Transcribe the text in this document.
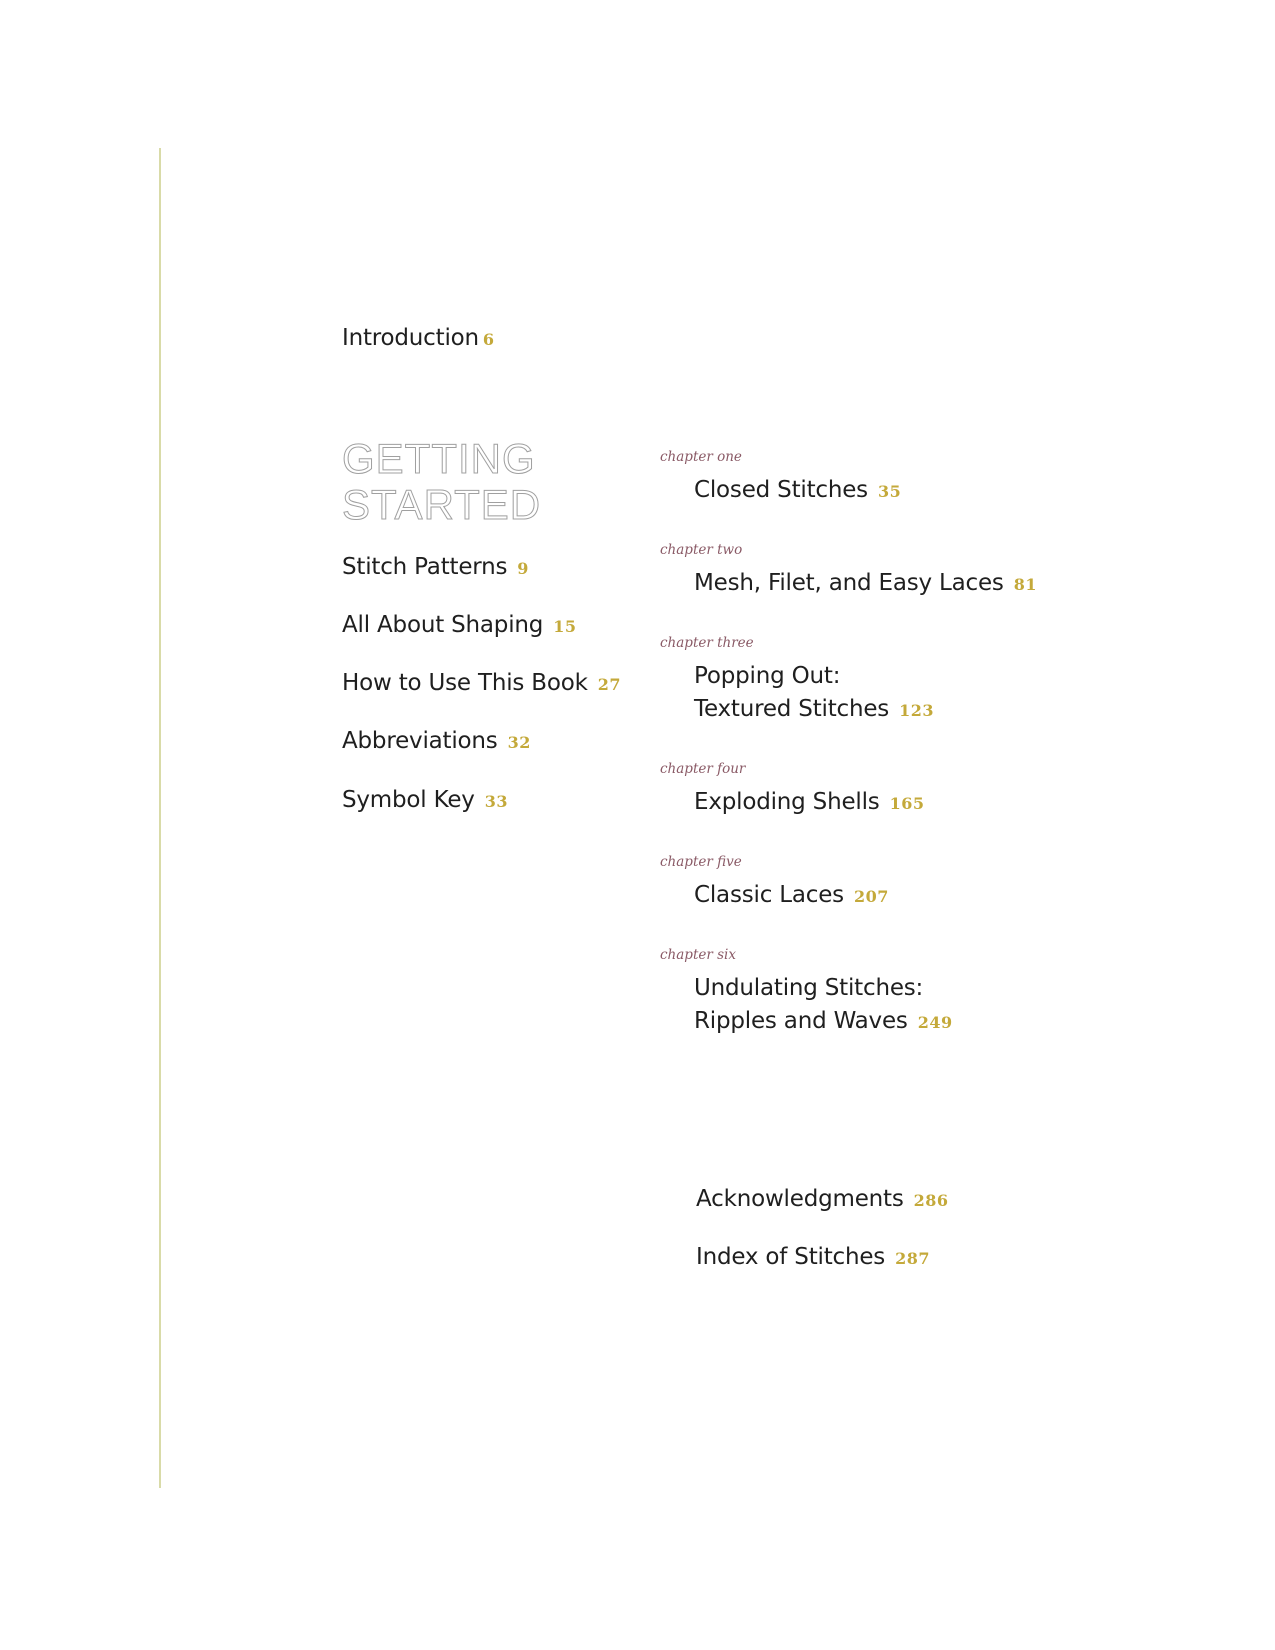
Introduction 6
GETTING
STARTED
Stitch Patterns 9
All About Shaping 15
How to Use This Book 27
Abbreviations 32
Symbol Key 33
chapter one
Closed Stitches 35
chapter two
Mesh, Filet, and Easy Laces 81
chapter three
Popping Out:
Textured Stitches 123
chapter four
Exploding Shells 165
chapter five
Classic Laces 207
chapter six
Undulating Stitches:
Ripples and Waves 249
Acknowledgments 286
Index of Stitches 287
